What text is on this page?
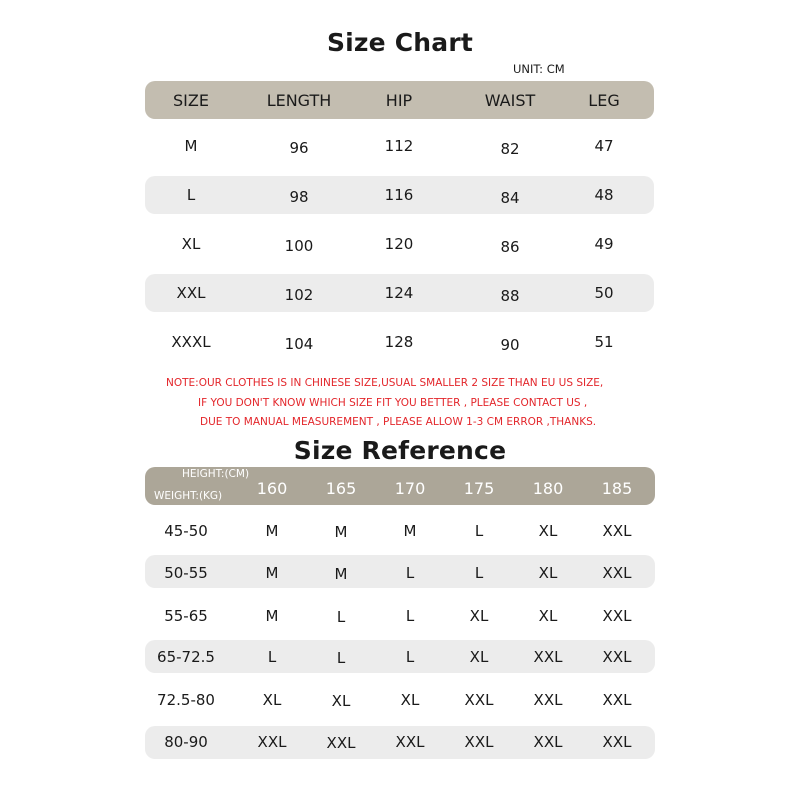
Size Chart
UNIT: CM
SIZE	LENGTH	HIP	WAIST	LEG
M	96	112	82	47
L	98	116	84	48
XL	100	120	86	49
XXL	102	124	88	50
XXXL	104	128	90	51
NOTE:OUR CLOTHES IS IN CHINESE SIZE,USUAL SMALLER 2 SIZE THAN EU US SIZE,
IF YOU DON'T KNOW WHICH SIZE FIT YOU BETTER , PLEASE CONTACT US ,
DUE TO MANUAL MEASUREMENT , PLEASE ALLOW 1-3 CM ERROR ,THANKS.
Size Reference
HEIGHT:(CM)
WEIGHT:(KG) 160 165 170 175 180 185
45-50	M	M	M	L	XL	XXL
50-55	M	M	L	L	XL	XXL
55-65	M	L	L	XL	XL	XXL
65-72.5	L	L	L	XL	XXL	XXL
72.5-80	XL	XL	XL	XXL	XXL	XXL
80-90	XXL	XXL	XXL	XXL	XXL	XXL
